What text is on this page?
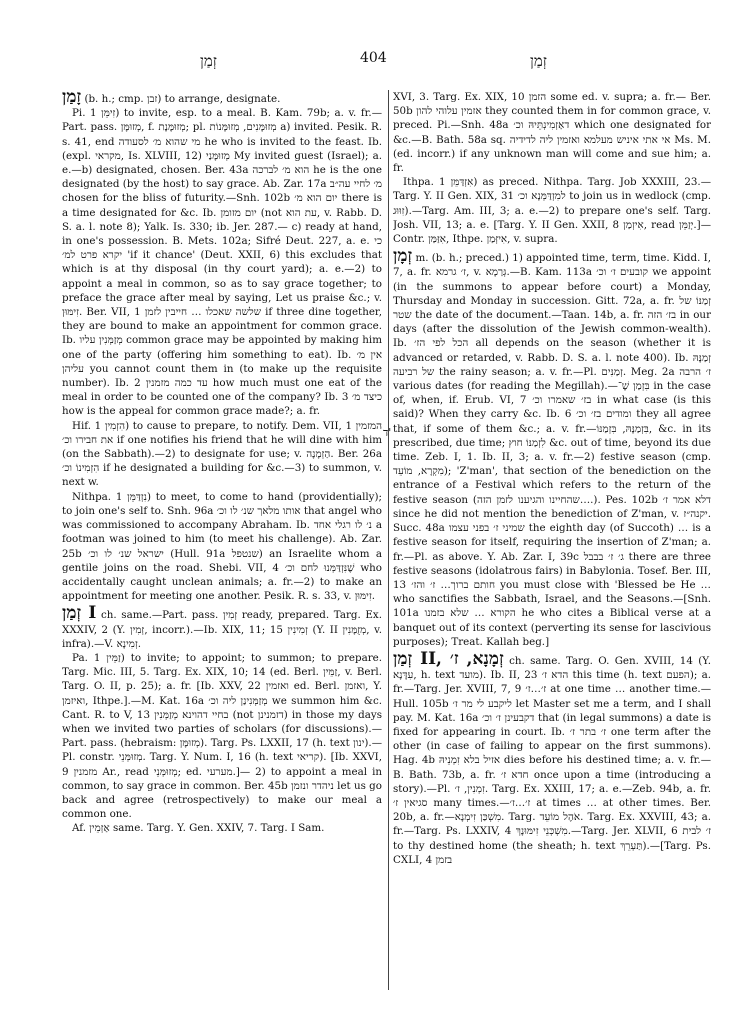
זְמַן	404	זְמַן
ד'

זָמַן (b. h.; cmp. זבן) to arrange, designate.

Pi. זִימֵּן 1) to invite, esp. to a meal. B. Kam. 79b; a. v. fr.—Part. pass. מְזוּמָּן, f. מְזוּמֶּנֶת; pl. מְזוּמָּנִים, מְזוּמָּנוֹת a) invited. Pesik. R. s. 41, end מי שהוא מ׳ לסעודה he who is invited to the feast. Ib. (expl. מקראי, Is. XLVIII, 12) מְזוּמָּנַי My invited guest (Israel); a. e.—b) designated, chosen. Ber. 43a הוא מ׳ לברכה he is the one designated (by the host) to say grace. Ab. Zar. 17a מ׳ לחיי עה״ב chosen for the bliss of futurity.—Snh. 102b יום הוא מ׳ there is a time designated for &c. Ib. יום מזומן (not עת הוא, v. Rabb. D. S. a. l. note 8); Yalk. Is. 330; ib. Jer. 287.— c) ready at hand, in one's possession. B. Mets. 102a; Sifré Deut. 227, a. e. כי יקרא פרט למ׳ 'if it chance' (Deut. XXII, 6) this excludes that which is at thy disposal (in thy court yard); a. e.—2) to appoint a meal in common, so as to say grace together; to preface the grace after meal by saying, Let us praise &c.; v. זִימּוּן. Ber. VII, 1 שלשה שאכלו … חייבין לזמן if three dine together, they are bound to make an appointment for common grace. Ib. מְזַמְּנִין עליו common grace may be appointed by making him one of the party (offering him something to eat). Ib. אין מ׳ עליהן you cannot count them in (to make up the requisite number). Ib. 2 עד כמה מזמנין how much must one eat of the meal in order to be counted one of the company? Ib. 3 כיצד מ׳ how is the appeal for common grace made?; a. fr.

Hif. הִזְמִין 1) to cause to prepare, to notify. Dem. VII, 1 המזמין את חבירו וכ׳ if one notifies his friend that he will dine with him (on the Sabbath).—2) to designate for use; v. הַזְמָנָה. Ber. 26a הִזְמִינוֹ וכ׳ if he designated a building for &c.—3) to summon, v. next w.

Nithpa. נִזְדַּמֵּן 1) to meet, to come to hand (providentially); to join one's self to. Snh. 96a אותו מלאך שנ׳ לו וכ׳ that angel who was commissioned to accompany Abraham. Ib. נ׳ לו רגלי אחד a footman was joined to him (to meet his challenge). Ab. Zar. 25b ישראל שנ׳ לו וכ׳ (Hull. 91a שנטפל) an Israelite whom a gentile joins on the road. Shebi. VII, 4 שֶׁנִּזְדַּמְּנוּ לחם וכ׳ who accidentally caught unclean animals; a. fr.—2) to make an appointment for meeting one another. Pesik. R. s. 33, v. זִימּוּן.

זְמַן I ch. same.—Part. pass. זְמִין ready, prepared. Targ. Ex. XXXIV, 2 (Y. זְמִין, incorr.).—Ib. XIX, 11; 15 זְמִינִין (Y. II מְזֻמָּנִין, v. infra).—V. זְמִינָא.

Pa. זַמֵּין 1) to invite; to appoint; to summon; to prepare. Targ. Mic. III, 5. Targ. Ex. XIX, 10; 14 (ed. Berl. זַמֵּין, v. Berl. Targ. O. II, p. 25); a. fr. [Ib. XXV, 22 ואזמין ed. Berl. ואזמן, Y. ואיזמן, Ithpe.].—M. Kat. 16a מְזַמְּנִינַן ליה וכ׳ we summon him &c. Cant. R. to V, 13 בחיי דהוינא מְזַמְּנִין (not דזמנינן) in those my days when we invited two parties of scholars (for discussions).—Part. pass. (hebraism: מְזוּמָּן). Targ. Ps. LXXII, 17 (h. text ינון).—Pl. constr. מְזוּמְּנֵי. Targ. Y. Num. I, 16 (h. text קריאי). [Ib. XXVI, 9 מזמנין Ar., read מְזוּמְּנֵי; ed. מערעי.]— 2) to appoint a meal in common, to say grace in common. Ber. 45b ניהדר ונזמן let us go back and agree (retrospectively) to make our meal a common one.

Af. אַזְמֵין same. Targ. Y. Gen. XXIV, 7. Targ. I Sam.

XVI, 3. Targ. Ex. XIX, 10 הזמן some ed. v. supra; a. fr.— Ber. 50b אזמין עלוהי להון they counted them in for common grace, v. preced. Pi.—Snh. 48a דאַזְמִינְתֵּיהּ וכ׳ which one designated for &c.—B. Bath. 58a sq. אי אתי איניש מעלמא ואזמין ליה לדידיה Ms. M. (ed. incorr.) if any unknown man will come and sue him; a. fr.

Ithpa. אִזְדַּמֵּן 1) as preced. Nithpa. Targ. Job XXXIII, 23.—Targ. Y. II Gen. XIX, 31 למִזְדַּמְּנָא וכ׳ to join us in wedlock (cmp. זִוּוּג).—Targ. Am. III, 3; a. e.—2) to prepare one's self. Targ. Josh. VII, 13; a. e. [Targ. Y. II Gen. XXII, 8 אִיזְמַן, read יְזַמֵּן.]—Contr. אִזַּמַּן, Ithpe. אִיזְּמַן, v. supra.

זְמָן m. (b. h.; preced.) 1) appointed time, term, time. Kidd. I, 7, a. fr. ז׳ גרמא, v. גְּרַמָא.—B. Kam. 113a קובעים ז׳ וכ׳ we appoint (in the summons to appear before court) a Monday, Thursday and Monday in succession. Gitt. 72a, a. fr. זְמַנּוֹ של שטר the date of the document.—Taan. 14b, a. fr. בז׳ הזה in our days (after the dissolution of the Jewish common-wealth). Ib. הכל לפי הז׳ all depends on the season (whether it is advanced or retarded, v. Rabb. D. S. a. l. note 400). Ib. זְמַנָּהּ של רביעה the rainy season; a. v. fr.—Pl. זְמַנִּים. Meg. 2a ז׳ הרבה various dates (for reading the Megillah).—בִּזְמַן שֶׁ־ in the case of, when, if. Erub. VI, 7 בז׳ שאמרו וכ׳ in what case (is this said)? When they carry &c. Ib. 6 ומודים בז׳ וכ׳ they all agree that, if some of them &c.; a. v. fr.—בִּזְמַנָּהּ, בִּזְמַנּוֹ, &c. in its prescribed, due time; לִזְמַנּוֹ חוץ &c. out of time, beyond its due time. Zeb. I, 1. Ib. II, 3; a. v. fr.—2) festive season (cmp. מִקְרָא, מוֹעֵד); 'Z'man', that section of the benediction on the entrance of a Festival which refers to the return of the festive season (שהחיינו והגיענו לזמן הזה….). Pes. 102b דלא אמר ז׳ since he did not mention the benediction of Z'man, v. יקנה״ז. Succ. 48a שמיני ז׳ בפני עצמו the eighth day (of Succoth) … is a festive season for itself, requiring the insertion of Z'man; a. fr.—Pl. as above. Y. Ab. Zar. I, 39c ג׳ ז׳ בבבל there are three festive seasons (idolatrous fairs) in Babylonia. Tosef. Ber. III, 13 חותם ברוך… ז׳ והז׳ you must close with 'Blessed be He … who sanctifies the Sabbath, Israel, and the Seasons.—[Snh. 101a הקורא … שלא בזמנו he who cites a Biblical verse at a banquet out of its context (perverting its sense for lascivious purposes); Treat. Kallah beg.]

זְמַן II, זְמָנָא, ז׳ ch. same. Targ. O. Gen. XVIII, 14 (Y. עִדָּנָא, h. text מועד). Ib. II, 23 הדא ז׳ this time (h. text הפעם); a. fr.—Targ. Jer. XVIII, 7, 9 ז׳…ז׳ at one time … another time.—Hull. 105b ליקבע לי מר ז׳ let Master set me a term, and I shall pay. M. Kat. 16a דקבעינן ז׳ וכ׳ that (in legal summons) a date is fixed for appearing in court. Ib. ז׳ בתר ז׳ one term after the other (in case of failing to appear on the first summons). Hag. 4b אזיל בלא זִמְנֵיהּ dies before his destined time; a. v. fr.—B. Bath. 73b, a. fr. חדא ז׳ once upon a time (introducing a story).—Pl. זִמְנִין, ז׳. Targ. Ex. XXIII, 17; a. e.—Zeb. 94b, a. fr. סגיאין ז׳ many times.—ז׳…ז׳ at times … at other times. Ber. 20b, a. fr.—מִשְׁכַּן זִימְנָא. Targ. אֹהֶל מוֹעֵד. Targ. Ex. XXVIII, 43; a. fr.—Targ. Ps. LXXIV, 4 מִשְׁכְּנֵי זִימּוּנָךְ.—Targ. Jer. XLVII, 6 ז׳ לבית to thy destined home (the sheath; h. text תַּעְרֵךְ).—[Targ. Ps. CXLI, 4 בזמן
